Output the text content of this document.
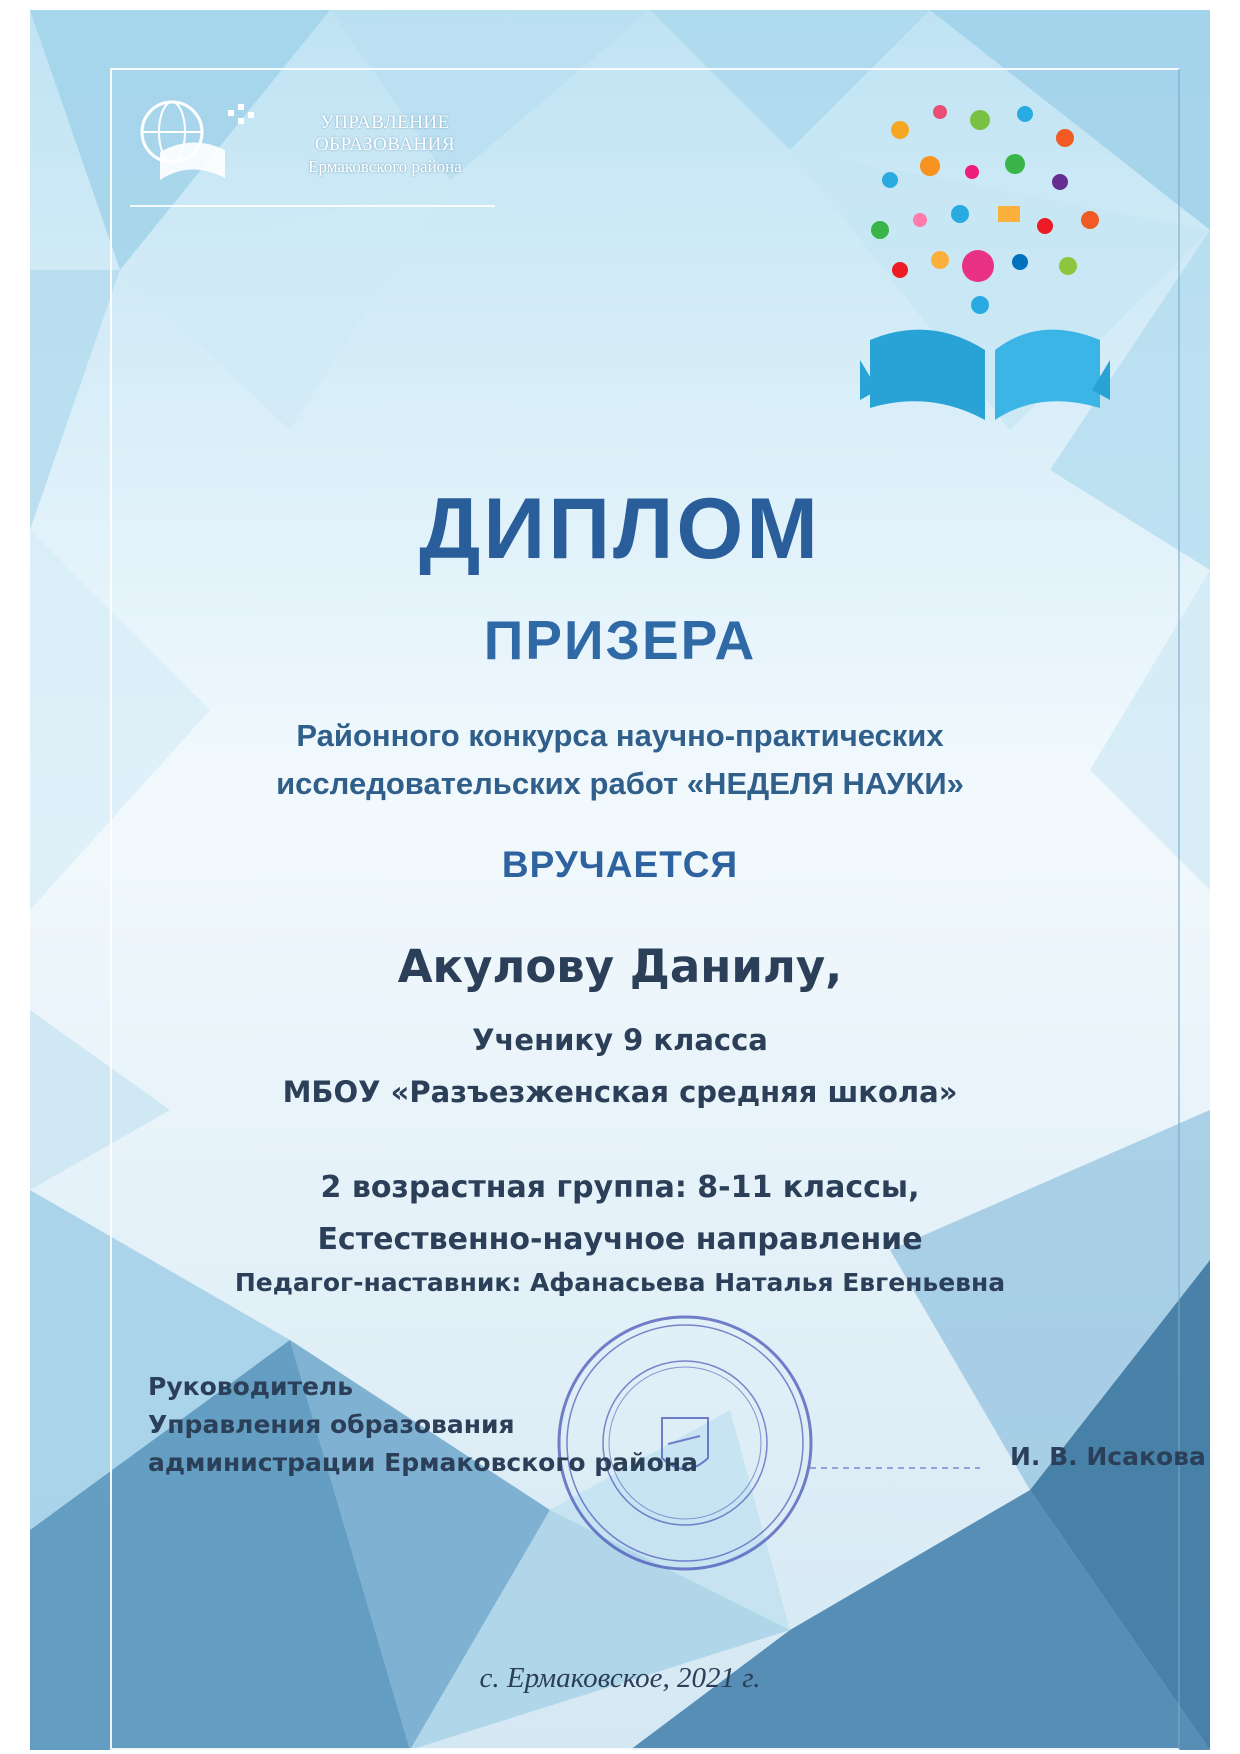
УПРАВЛЕНИЕ
ОБРАЗОВАНИЯ
Ермаковского района
ДИПЛОМ
ПРИЗЕРА
Районного конкурса научно-практических
исследовательских работ «НЕДЕЛЯ НАУКИ»
ВРУЧАЕТСЯ
Акулову Данилу,
Ученику 9 класса
МБОУ «Разъезженская средняя школа»
2 возрастная группа: 8-11 классы,
Естественно-научное направление
Педагог-наставник: Афанасьева Наталья Евгеньевна
Руководитель
Управления образования
администрации Ермаковского района	И. В. Исакова
с. Ермаковское, 2021 г.
